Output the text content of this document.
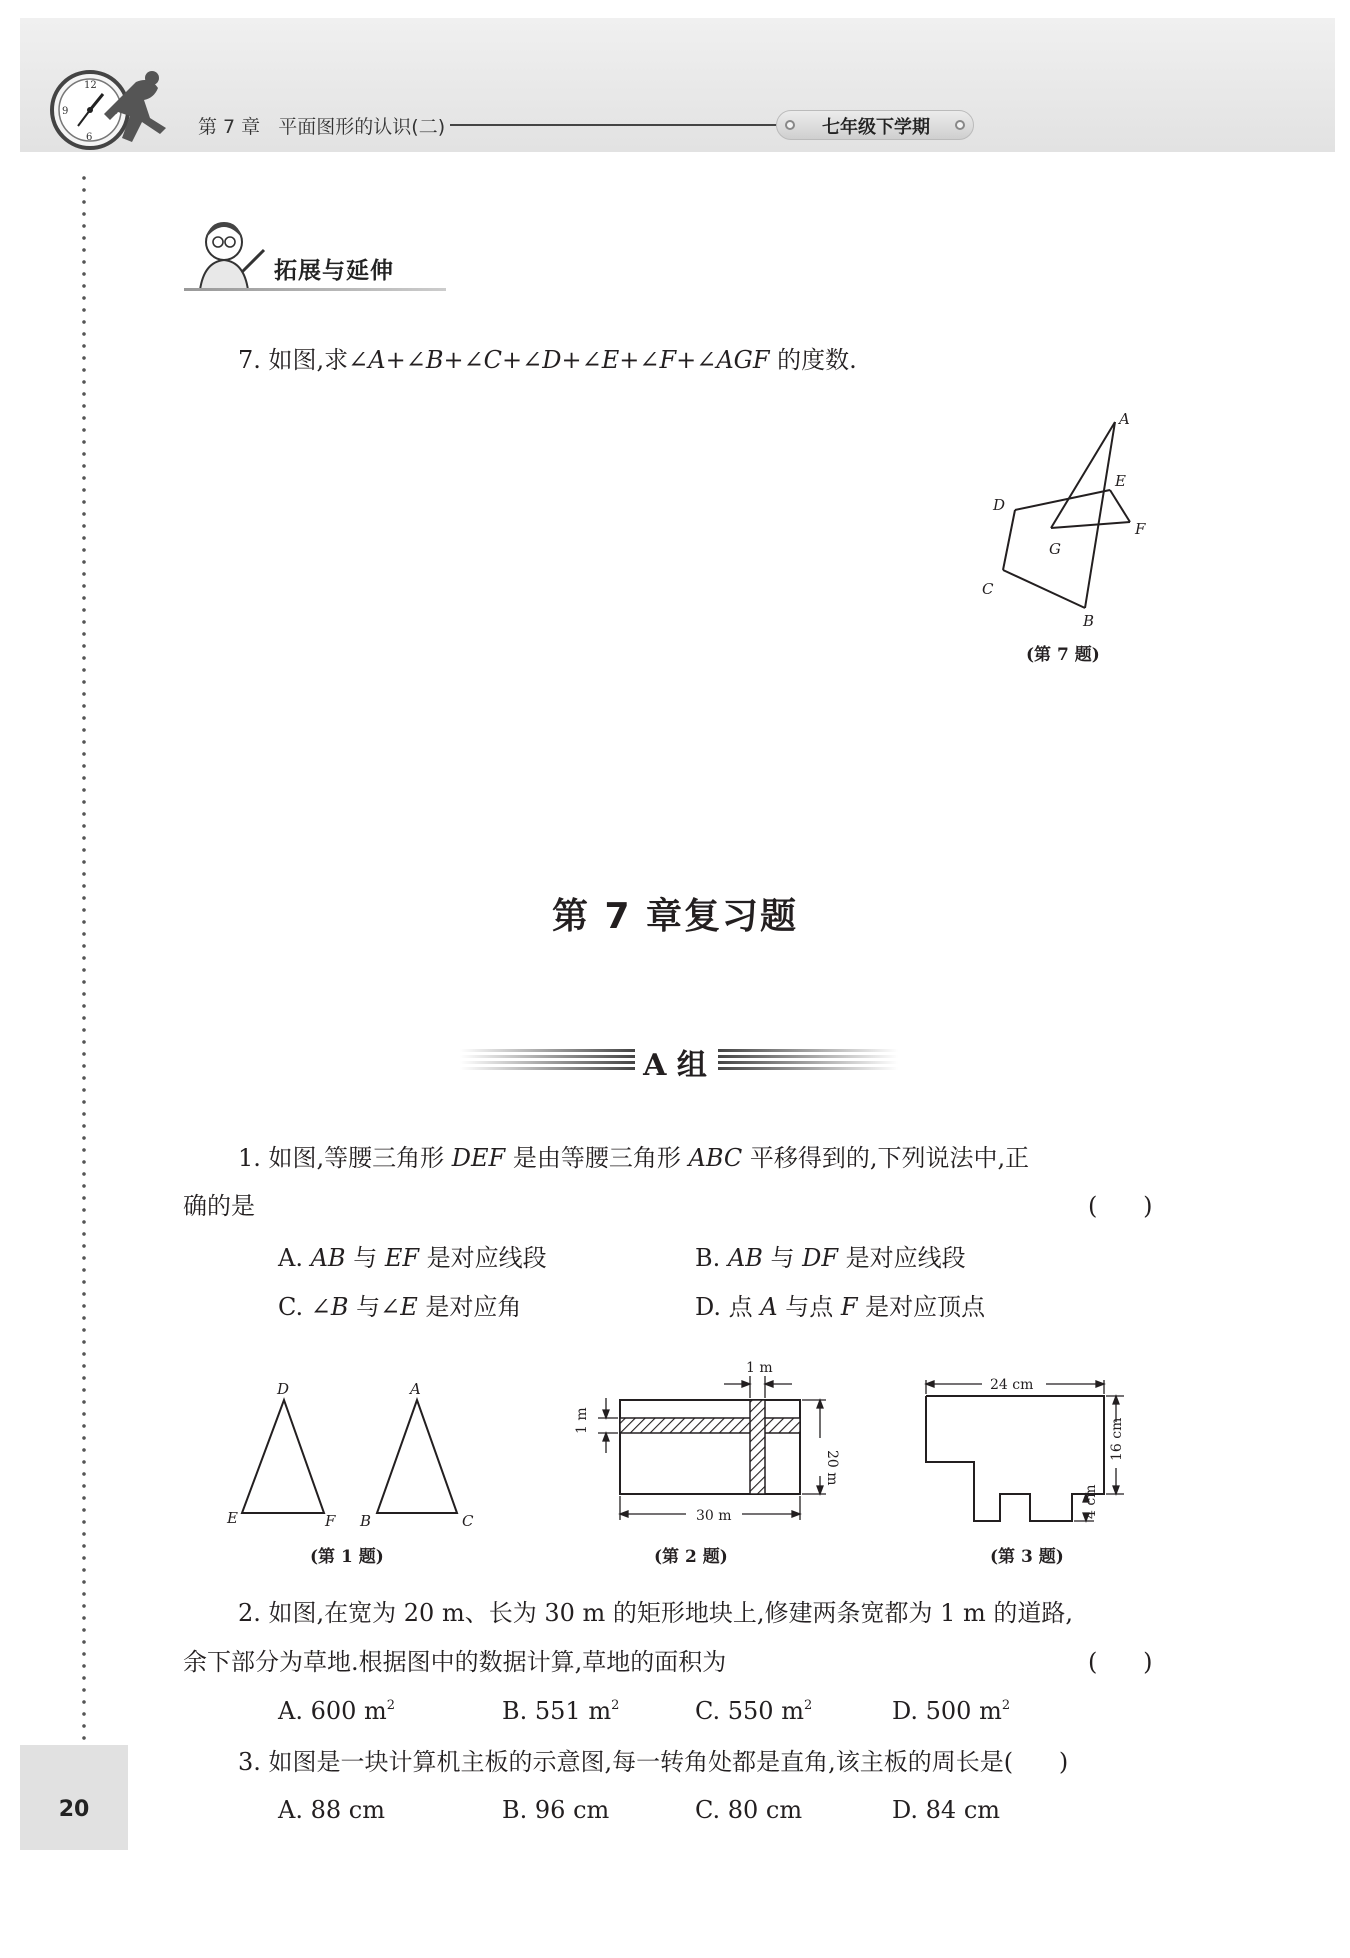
12
6
9
第 7 章   平面图形的认识(二)	七年级下学期
20
拓展与延伸
7. 如图,求∠A+∠B+∠C+∠D+∠E+∠F+∠AGF 的度数.
A
E
D
F
G
C
B
(第 7 题)
第 7 章复习题
A 组
1. 如图,等腰三角形 DEF 是由等腰三角形 ABC 平移得到的,下列说法中,正
确的是	(      )
A. AB 与 EF 是对应线段	B. AB 与 DF 是对应线段
C. ∠B 与∠E 是对应角	D. 点 A 与点 F 是对应顶点
D	A
E	F B	C
(第 1 题)
1 m
1 m
20 m
30 m
(第 2 题)
24 cm
16 cm
4 cm
(第 3 题)
2. 如图,在宽为 20 m、长为 30 m 的矩形地块上,修建两条宽都为 1 m 的道路,
余下部分为草地.根据图中的数据计算,草地的面积为	(      )
A. 600 $m^2$	B. 551 $m^2$	C. 550 $m^2$	D. 500 $m^2$
3. 如图是一块计算机主板的示意图,每一转角处都是直角,该主板的周长是(      )
A. 88 cm	B. 96 cm	C. 80 cm	D. 84 cm
